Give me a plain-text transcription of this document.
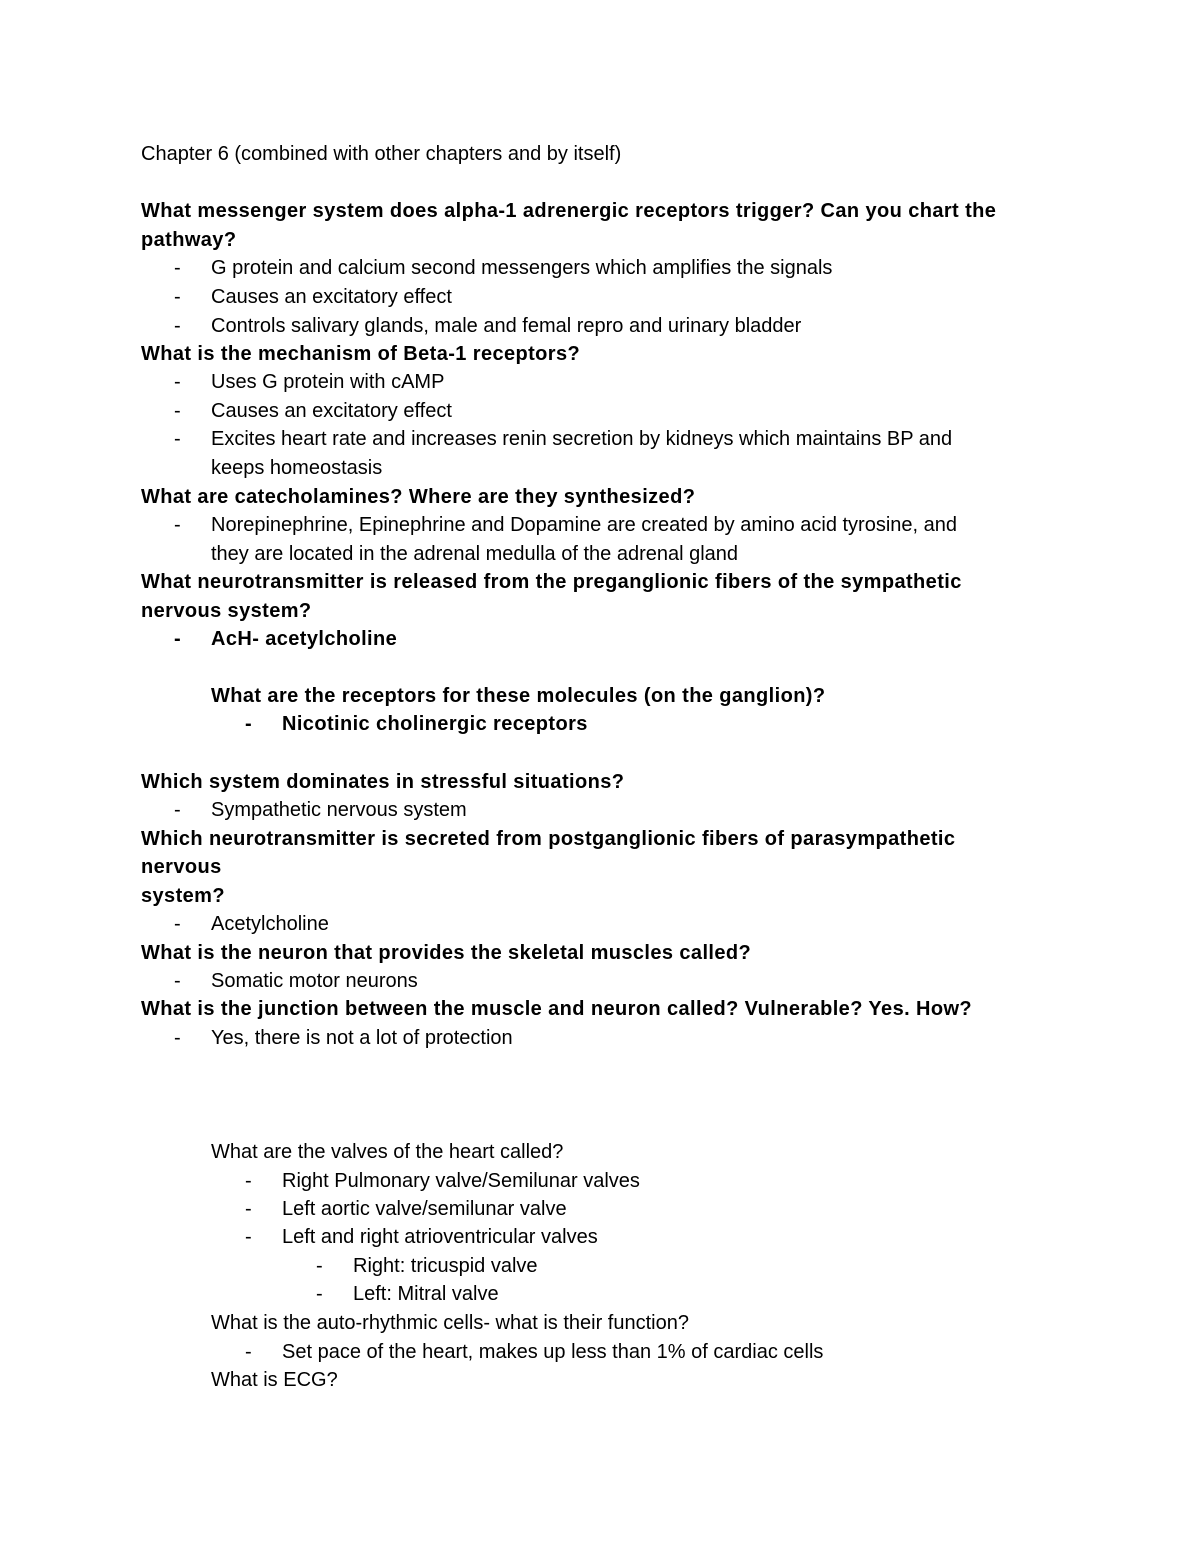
Chapter 6 (combined with other chapters and by itself)
What messenger system does alpha-1 adrenergic receptors trigger? Can you chart the
pathway?
- G protein and calcium second messengers which amplifies the signals
- Causes an excitatory effect
- Controls salivary glands, male and femal repro and urinary bladder
What is the mechanism of Beta-1 receptors?
- Uses G protein with cAMP
- Causes an excitatory effect
- Excites heart rate and increases renin secretion by kidneys which maintains BP and
keeps homeostasis
What are catecholamines? Where are they synthesized?
- Norepinephrine, Epinephrine and Dopamine are created by amino acid tyrosine, and
they are located in the adrenal medulla of the adrenal gland
What neurotransmitter is released from the preganglionic fibers of the sympathetic
nervous system?
- AcH- acetylcholine
What are the receptors for these molecules (on the ganglion)?
- Nicotinic cholinergic receptors
Which system dominates in stressful situations?
- Sympathetic nervous system
Which neurotransmitter is secreted from postganglionic fibers of parasympathetic
nervous
system?
- Acetylcholine
What is the neuron that provides the skeletal muscles called?
- Somatic motor neurons
What is the junction between the muscle and neuron called? Vulnerable? Yes. How?
- Yes, there is not a lot of protection
What are the valves of the heart called?
- Right Pulmonary valve/Semilunar valves
- Left aortic valve/semilunar valve
- Left and right atrioventricular valves
- Right: tricuspid valve
- Left: Mitral valve
What is the auto-rhythmic cells- what is their function?
- Set pace of the heart, makes up less than 1% of cardiac cells
What is ECG?
